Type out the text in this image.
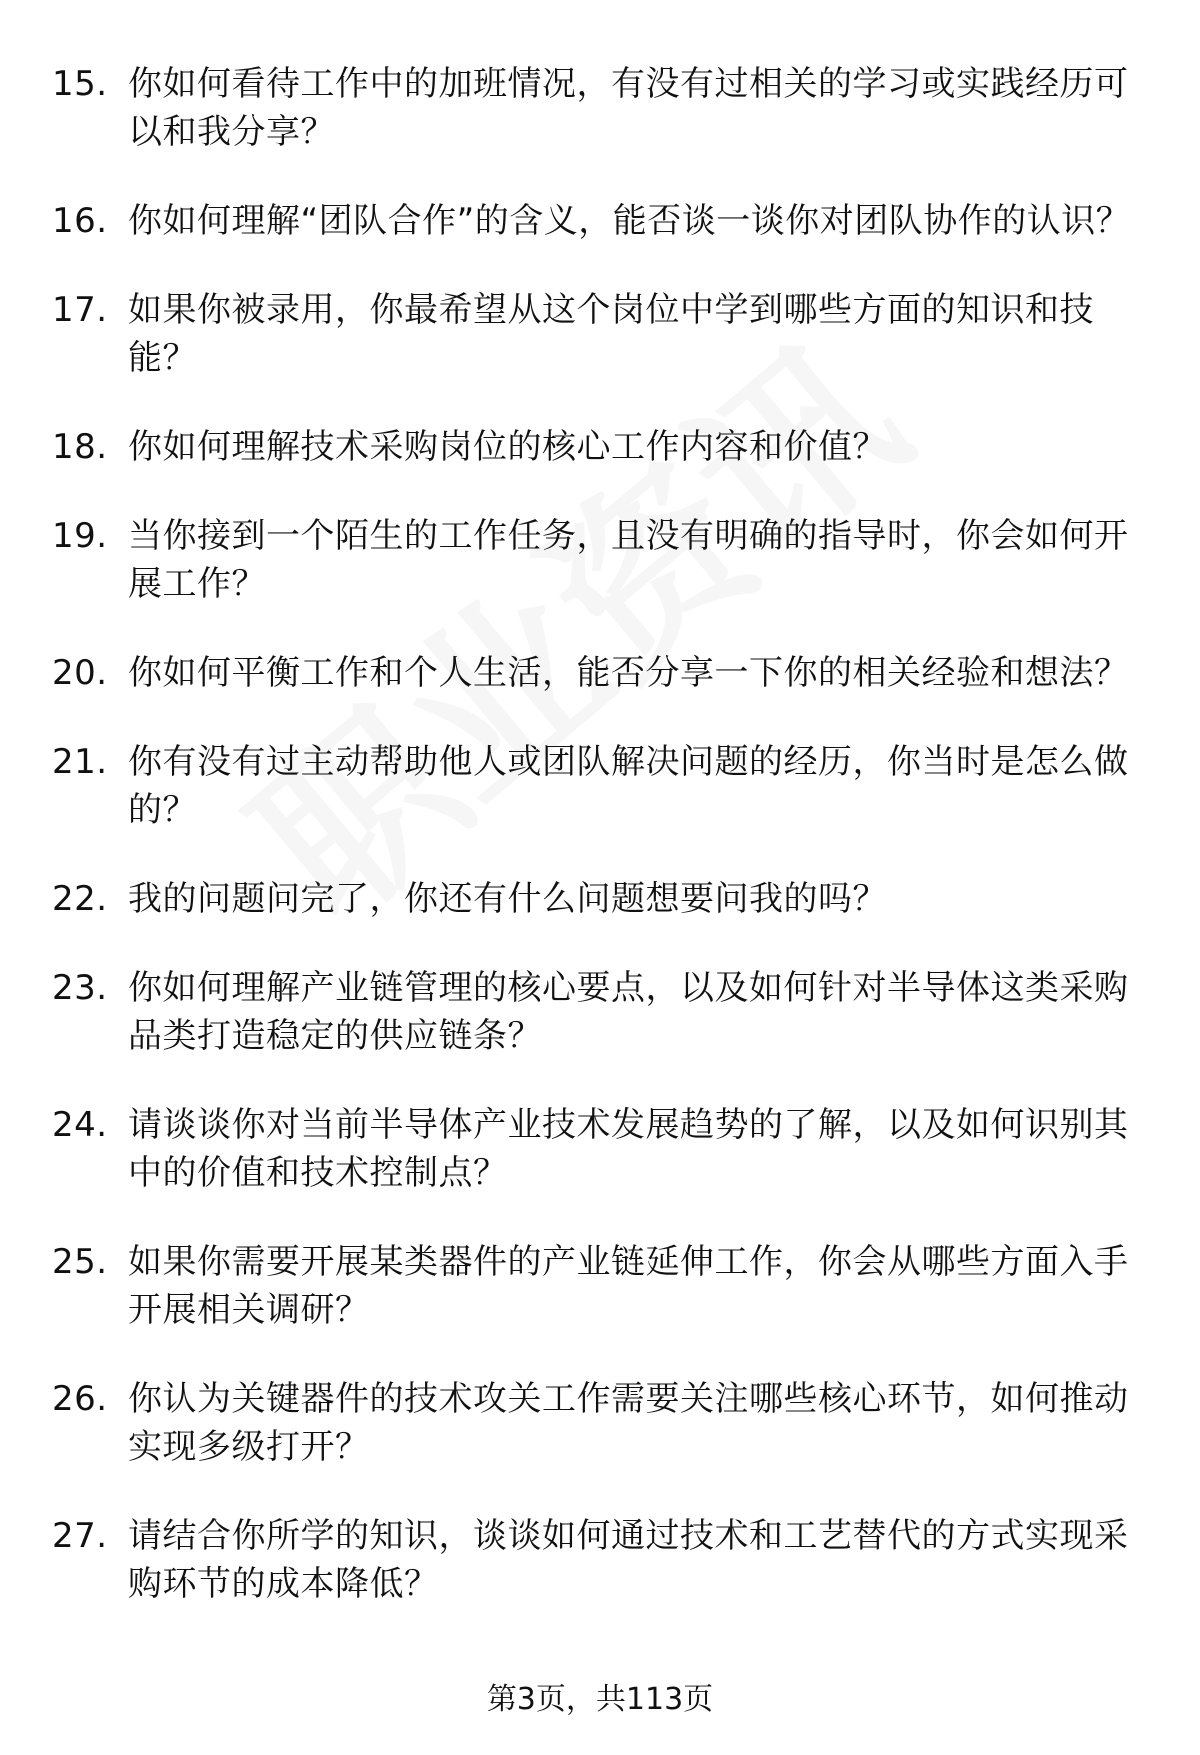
15. 你如何看待工作中的加班情况，有没有过相关的学习或实践经历可以和我分享？
16. 你如何理解“团队合作”的含义，能否谈一谈你对团队协作的认识？
17. 如果你被录用，你最希望从这个岗位中学到哪些方面的知识和技能？
18. 你如何理解技术采购岗位的核心工作内容和价值？
19. 当你接到一个陌生的工作任务，且没有明确的指导时，你会如何开展工作？
20. 你如何平衡工作和个人生活，能否分享一下你的相关经验和想法？
21. 你有没有过主动帮助他人或团队解决问题的经历，你当时是怎么做的？
22. 我的问题问完了，你还有什么问题想要问我的吗？
23. 你如何理解产业链管理的核心要点，以及如何针对半导体这类采购品类打造稳定的供应链条？
24. 请谈谈你对当前半导体产业技术发展趋势的了解，以及如何识别其中的价值和技术控制点？
25. 如果你需要开展某类器件的产业链延伸工作，你会从哪些方面入手开展相关调研？
26. 你认为关键器件的技术攻关工作需要关注哪些核心环节，如何推动实现多级打开？
27. 请结合你所学的知识，谈谈如何通过技术和工艺替代的方式实现采购环节的成本降低？
第3页，共113页
